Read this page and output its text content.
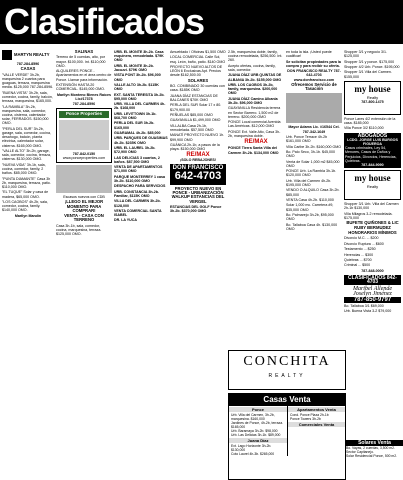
Clasificados
MARTYN REALTY

787-284-8596

CASAS

"VALLE VERDE" 3h-2b, marquesina 2 cuartos para guaguas, terraza, marquesina media. $125,000 787-284-8596.

"BUENA VISTA" 3h-2b, sala, comedor, cocina, family, balcón, terraza, marquesina, $165,000.

"LA RAMBLA" 3h-2b, marquesina, sala, comedor, cocina, cisterna, calentador solar, FERRADOS. $150,000 OMO.

"PERLA DEL SUR" 3h-2b, garage, sala, comedor, cocina, desahogo, balcón, planta eléctrica, calentador solar, cisterna. $165,000 OMO.

"VALLE ALTO" 3h-2b, garage, sala, comedor, cocina, terraza, cisterna. $130,000 OMO.

"NUEVA VIDA" 3h-1b, sala, cocina, comedor, family, 2 baños. $85,000 OMO.

"PUNTA DIAMANTE" Casa 3h 2b, marquesina, terraza, patio. $110,000 OMO.

"EL TUQUE" Solar y casa de madera, $65,000 OMO.

"LOS CAOBOS" 4h-2b, sala, comedor, cocina, family. $140,000 OMO.

Marilyn Mandín

SALINAS

Terreno de 5 cuerdas, alto, por mayor. $100,000. Int. $110,000 OMO.

ALQUILERES PONCE - Apartamentos en el área centro de Ponce. Llamar para información.

EXTENSIÓN HASTA 20 COMERCIAL. $145,000 OMO.

Marilyn Monteno Bienes Raíces Lic#17378

787-284-8596

Ponce Properties
787-842-0150
www.ponceproperties.com

Escasos nuevos con CDB

¡LLEGO EL MEJOR MOMENTO PARA COMPRAR!

VENTA - CASA CON TERRENO

Casa 3h-1b, sala, comedor, cocina, marquesina, terraza. $125,000 OMO.

URB. EL MONTE 3h-2b. Casa esquinera, remodelada. $79K OMO

URB. EL MONTE 3h-2b. Jacuzzi. $79K OMO

VISTA PONT 3h-2b. $96,000 OMO

VALLE ALTO 3h-2b. $115K OMO

EXT. SANTA TERESITA 3h-2b. $95,000 OMO

URB. VILLA DEL CARMEN 4h-2b. $168,000

URB. LEVITTOWN 3h-1b. $68,700 OMO

PERLA DEL SUR 3h-2b. $165,000

GUARAMAL 4h-2b. $85,000

URB. PARQUES DE GUASIMAS 4h-2b. $235K OMO

URB. EL LAUREL 3h-2b. $72,900 OMO

LAS DELICIAS 3 cuartos, 2 baños. $87,500 OMO

VENTA DE APARTAMENTOS $71,000 OMO

PARQUE MONTERREY 1 casa 3h-2b. $110,000 OMO

DESPACHO PARA SERVICIOS

URB. CONSTANCIA 3h-2b. Familiar, $115K OMO

VILLA DEL CARMEN 3h-2b. $128,000

VENTA COMERCIAL SANTA ISABEL

DR. LA YUCA

Amueblado / Oficinas $1,500 OMO

LOCAL COMERCIAL Calle Sol, esq. León, baño, patio. $140 OMO

PROYECTO NUEVO ALTOS DE LEÓN 6 Exclusivas Apt. Precios desde $162,500.00

SOLARES

BO. COMBINADO 30 cuerdas con casa. $185K OMO

JUANA DÍAZ ESTANCIAS DE BALCANES $70K OMO

PERLA DEL SUR Solar 17 x 80. $179,900.00

PEÑUELAS $85,000 OMO

GUAYANILLA $1,499,000 OMO

VILLALBA Casa 2h-1b, remodelada. $57,500 OMO

MANATÍ PROYECTO NUEVO 1h. $99,900 OMO

GUÁNICA 2h-1b, a pasos de la playa. $150,000 OMO

RE/MAX
¡SOLO REBAJONES!
DON FRANCISCO
642-4703

PROYECTO NUEVO EN PONCE - URBANIZACIÓN WALKUP ESTANCIAS DEL VERGEL

ESTANCIAS DEL GOLF Ponce 3h-2b. $370,000 OMO

2.5b, marquesina doble, family, cocina remodelada, $256,500. Int. 260.

Acepto ofertas, cocina, family, sala, comedor.

JUANA DÍAZ URB QUINTAS DE ALBANIA 3h-2b. $155,000 OMO

URB. LOS CAOBOS 3h-2b, family, marquesina. $200,000 OMO

JUANA DÍAZ Camino Albania 3h-2b. $96,000 OMO

GUAYANILLA Residencia terrera en Sector Barrero. 1,500 m2 de terreno. $200,000 OMO

PONCE Local comercial Avenida Las Américas. $12,000 OMO

PONCE Ext. Valle Alto, Casa 3h-2b, marquesina doble.

RE/MAX

PONCE Tierra Santa Villa del Carmen 3h-2b. $134,000 OMO

CONCHITA
REALTY

en toda la isla. ¡Usted puede cualificar!

Se solicitan propiedades para la compra y para recibir su oferta.

DON FRANCISCO REALTY 787-642-4703 www.donfrancisco.com

Ofrecemos Servicio de Tasación

Mayor Adams Lic. #16544 Cel. 787-342-1649

Urb. Ponce Terrace 4h-2b $161,000 OMO

Villa Caribe 3h-2b. $160,000 OMO

Bo. Palo Seco, 3h-1b. $45,000 OMO

Venta de Solar 1,000 m2 $45,000 OMO

PONCE Urb. La Rambla 3h-1b. $120,000 OMO

Urb. Villa del Carmen 4h-2b. $195,000 OMO

VENDO O ALQUILO Casa 3h-2b. $85,000

VENTA Casa 4h-2b. $110,000

Solar 1,000 mc. Carretera #9, $35,000 OMO

Bo. Palmarejo 3h-2b, $95,000 OMO

Bo. Tallaboa Casa 4h. $130,000 OMO

Shopper 3/1 y negocio 3/1. $125,000

Shopper 3/1 y ponce. $175,000

Shopper 4/2 Urb. Ponce. $195,000

Shopper 3/1 Villa del Carmen. $155,000

my house
Realty
787-800-1475

Ponce Lares 4/2 extensión de la casa. $185,000

Villa Ponce 3/2 $110,000

ABOGADOS
LCDO. JORGE LUIS BURGOS FIGUEROA
Casos criminales, Ley 54, Menores, Casos de Daños y Perjuicios, Divorcios, Herencias, Quiebras.
787-844-9090
my house
Realty

Shopper 3/1 Urb. Villa del Carmen 2h-1b $130,000

Villa Milagros 3-2 remodelada. $175,000

BUFETE QUIÑONES & LIC RUBY BERMUDEZ

HONORARIOS MÍNIMOS

Divorcio M.C. ... $200

Divorcio Ruptura ... $600

Testamento ... $250

Herencias ... $300

Quiebras ... $700

Criminal ... $500

787-848-0000

CLASIFICADOS 842-4703
Maribel Allende
Joselyn Jiménez
787-850-9797

Bo. Tallaboa 3/1 $69,000

Urb. Buena Vista 3-2 $79,000

Casas Venta
Ponce
Urb. Villa del Carmen, 3h-2b, marquesina. $160,000
Jardines de Ponce, 4h-2b, terraza. $165,000
Urb. Baramaya 3h-2b. $98,000
Urb. Las Delicias 3h-1b. $89,000
Juana Díaz
Ext. Lago Horizonte 3h-2b. $130,000
Coto Laurel 4h-3b. $265,000
Apartamentos Venta
Cond. Ponce Plaza 2h-1b
Ponce Towers 3h-2b
Comerciales Venta
Solares Venta
Bo. Vayas, 2 cuerdas, 3,500 m2.
Sector Capitanejo.
Solar Residencial Ponce, 500 m2.
